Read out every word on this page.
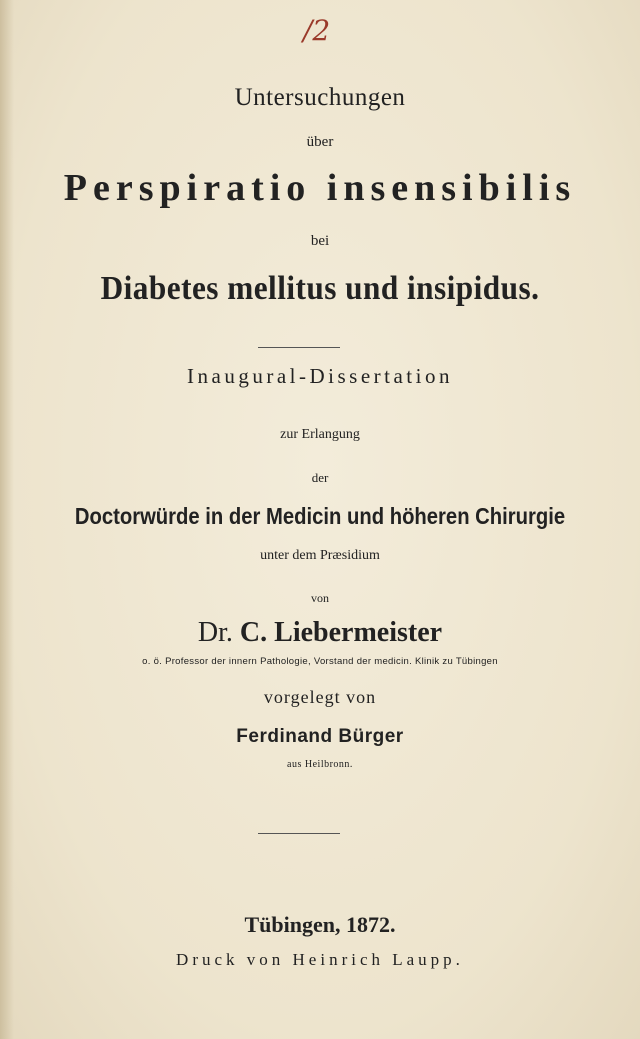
/2
Untersuchungen
über
Perspiratio insensibilis
bei
Diabetes mellitus und insipidus.
Inaugural-Dissertation
zur Erlangung
der
Doctorwürde in der Medicin und höheren Chirurgie
unter dem Præsidium
von
Dr. C. Liebermeister
o. ö. Professor der innern Pathologie, Vorstand der medicin. Klinik zu Tübingen
vorgelegt von
Ferdinand Bürger
aus Heilbronn.
Tübingen, 1872.
Druck von Heinrich Laupp.
